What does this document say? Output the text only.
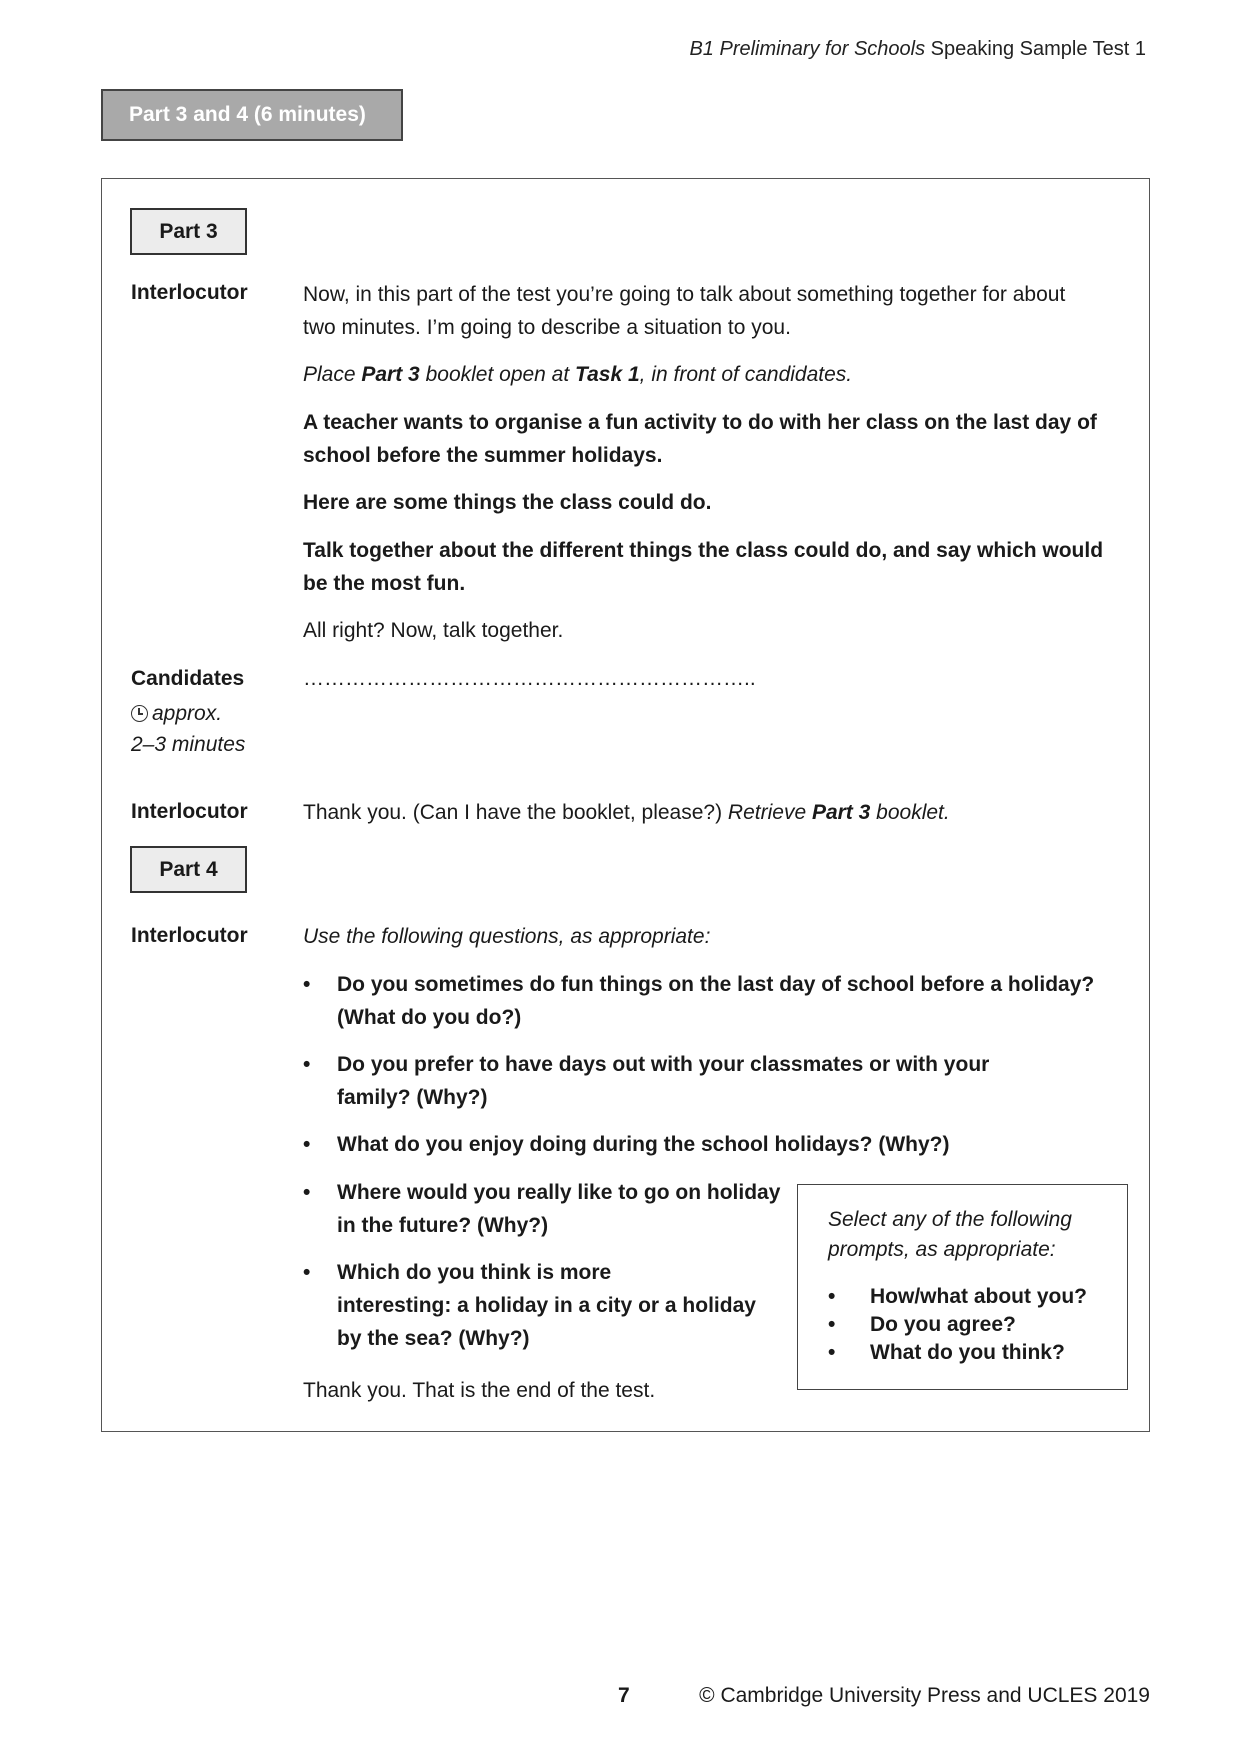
B1 Preliminary for Schools Speaking Sample Test 1
Part 3 and 4 (6 minutes)
Part 3
Interlocutor	Now, in this part of the test you’re going to talk about something together for about
two minutes. I’m going to describe a situation to you.
Place Part 3 booklet open at Task 1, in front of candidates.
A teacher wants to organise a fun activity to do with her class on the last day of
school before the summer holidays.
Here are some things the class could do.
Talk together about the different things the class could do, and say which would
be the most fun.
All right? Now, talk together.
Candidates	………………………………………………………..
approx.
2–3 minutes
Interlocutor	Thank you. (Can I have the booklet, please?) Retrieve Part 3 booklet.
Part 4
Interlocutor	Use the following questions, as appropriate:
• Do you sometimes do fun things on the last day of school before a holiday?
(What do you do?)
• Do you prefer to have days out with your classmates or with your
family? (Why?)
• What do you enjoy doing during the school holidays? (Why?)
• Where would you really like to go on holiday
in the future? (Why?)
• Which do you think is more
interesting: a holiday in a city or a holiday
by the sea? (Why?)
Thank you. That is the end of the test.
Select any of the following
prompts, as appropriate:
• How/what about you?
• Do you agree?
• What do you think?
7	© Cambridge University Press and UCLES 2019
